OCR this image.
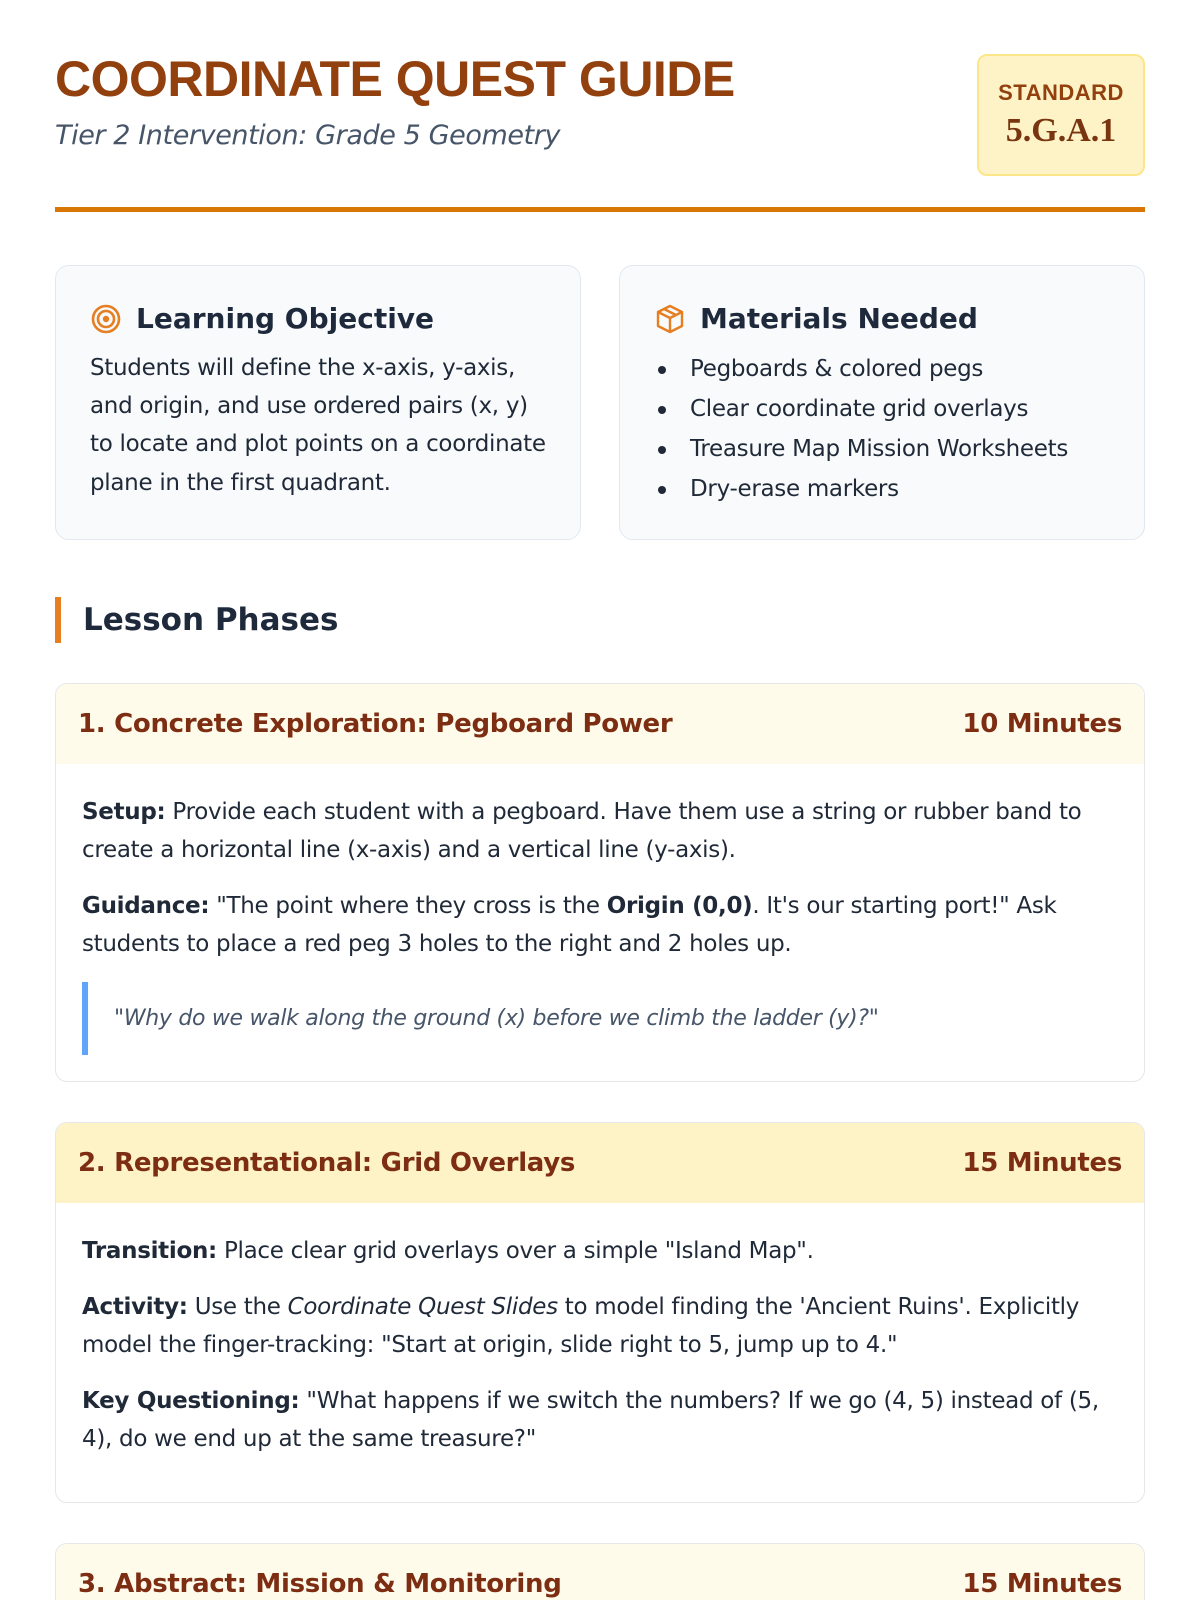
COORDINATE QUEST GUIDE

Tier 2 Intervention: Grade 5 Geometry

STANDARD
5.G.A.1
Learning Objective

Students will define the x-axis, y-axis, and origin, and use ordered pairs (x, y) to locate and plot points on a coordinate plane in the first quadrant.

Materials Needed
Pegboards & colored pegs
Clear coordinate grid overlays
Treasure Map Mission Worksheets
Dry-erase markers
Lesson Phases
1. Concrete Exploration: Pegboard Power	10 Minutes

Setup: Provide each student with a pegboard. Have them use a string or rubber band to create a horizontal line (x-axis) and a vertical line (y-axis).

Guidance: "The point where they cross is the Origin (0,0). It's our starting port!" Ask students to place a red peg 3 holes to the right and 2 holes up.

"Why do we walk along the ground (x) before we climb the ladder (y)?"
2. Representational: Grid Overlays	15 Minutes

Transition: Place clear grid overlays over a simple "Island Map".

Activity: Use the Coordinate Quest Slides to model finding the 'Ancient Ruins'. Explicitly model the finger-tracking: "Start at origin, slide right to 5, jump up to 4."

Key Questioning: "What happens if we switch the numbers? If we go (4, 5) instead of (5, 4), do we end up at the same treasure?"

3. Abstract: Mission & Monitoring	15 Minutes
